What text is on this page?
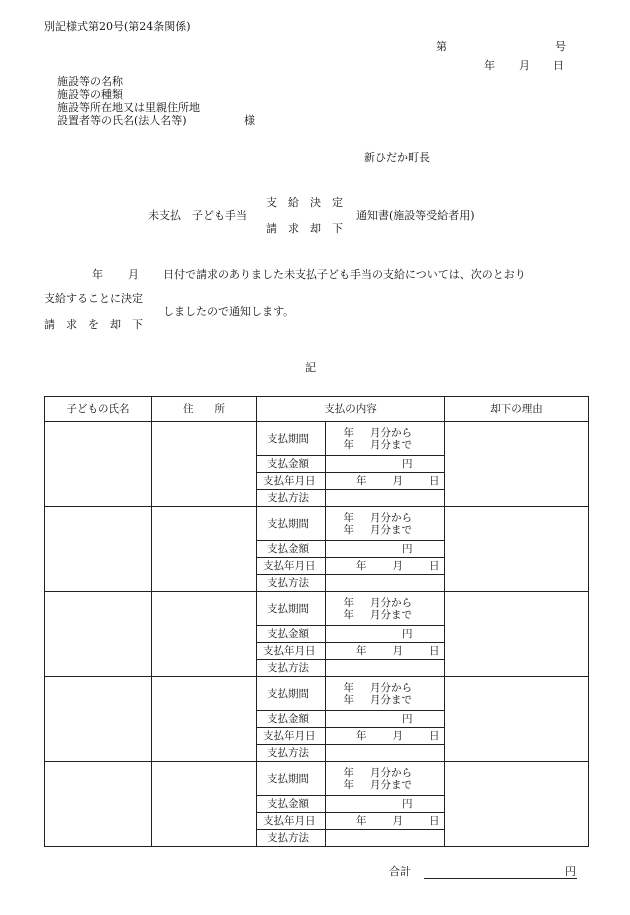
別記様式第20号(第24条関係)
第	号
年 月 日
施設等の名称
施設等の種類
施設等所在地又は里親住所地
設置者等の氏名(法人名等)	様
新ひだか町長
未支払　子ども手当
支　給　決　定
請　求　却　下
通知書(施設等受給者用)
年 月 日付で請求のありました未支払子ども手当の支給については、次のとおり
支給することに決定
しましたので通知します。
請　求　を　却　下
記
子どもの氏名	住　　所	支払の内容		却下の理由
		支払期間	年 月分から
年 月分まで	

		支払金額	円	
		支払年月日	年 月 日	
		支払方法		
		支払期間	年 月分から
年 月分まで	

		支払金額	円	
		支払年月日	年 月 日	
		支払方法		
		支払期間	年 月分から
年 月分まで	

		支払金額	円	
		支払年月日	年 月 日	
		支払方法		
		支払期間	年 月分から
年 月分まで	

		支払金額	円	
		支払年月日	年 月 日	
		支払方法		
		支払期間	年 月分から
年 月分まで	

		支払金額	円	
		支払年月日	年 月 日	
		支払方法		
合計	円
